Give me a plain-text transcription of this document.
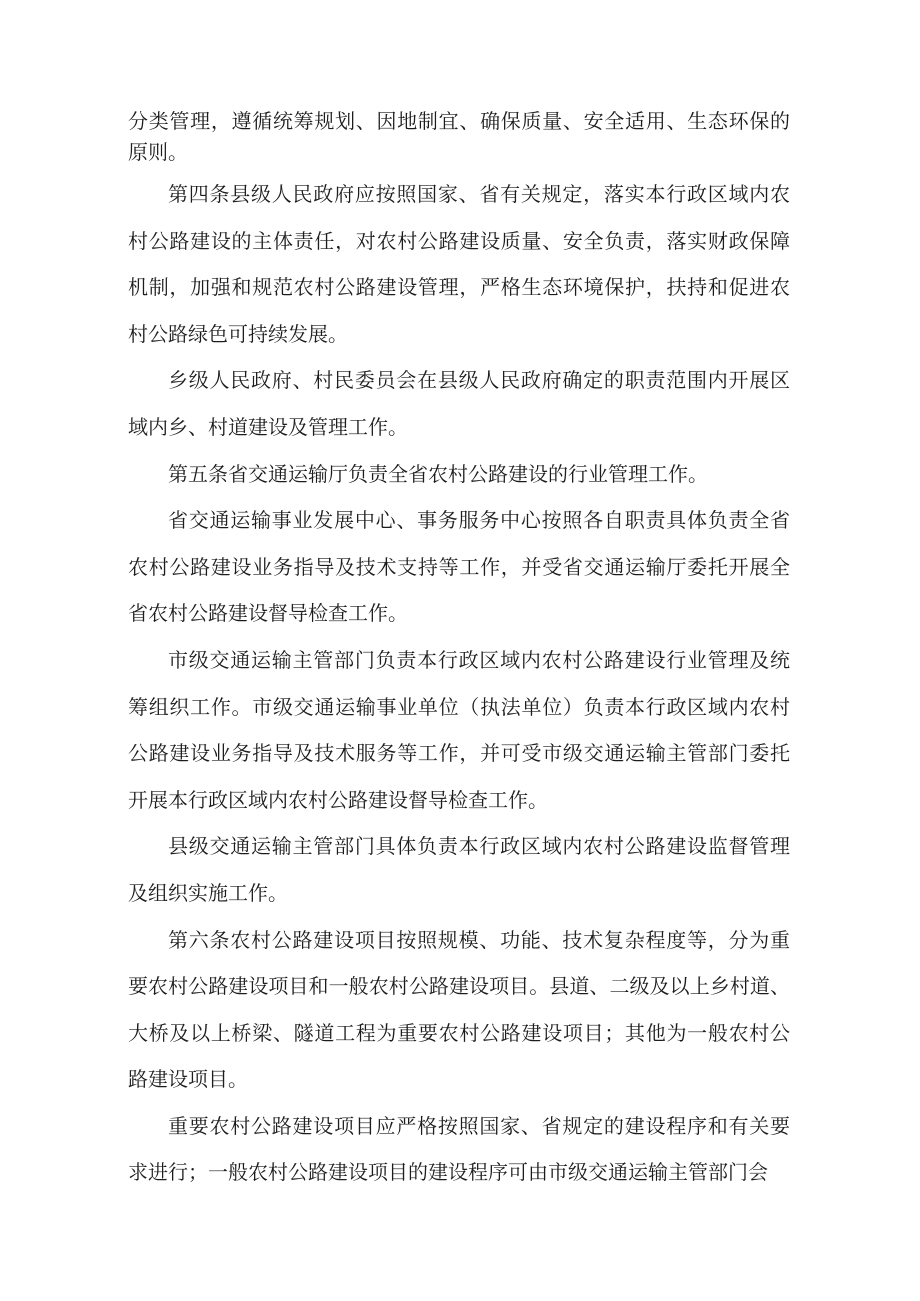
分类管理，遵循统筹规划、因地制宜、确保质量、安全适用、生态环保的
原则。

第四条县级人民政府应按照国家、省有关规定，落实本行政区域内农
村公路建设的主体责任，对农村公路建设质量、安全负责，落实财政保障
机制，加强和规范农村公路建设管理，严格生态环境保护，扶持和促进农
村公路绿色可持续发展。

乡级人民政府、村民委员会在县级人民政府确定的职责范围内开展区
域内乡、村道建设及管理工作。

第五条省交通运输厅负责全省农村公路建设的行业管理工作。

省交通运输事业发展中心、事务服务中心按照各自职责具体负责全省
农村公路建设业务指导及技术支持等工作，并受省交通运输厅委托开展全
省农村公路建设督导检查工作。

市级交通运输主管部门负责本行政区域内农村公路建设行业管理及统
筹组织工作。市级交通运输事业单位（执法单位）负责本行政区域内农村
公路建设业务指导及技术服务等工作，并可受市级交通运输主管部门委托
开展本行政区域内农村公路建设督导检查工作。

县级交通运输主管部门具体负责本行政区域内农村公路建设监督管理
及组织实施工作。

第六条农村公路建设项目按照规模、功能、技术复杂程度等，分为重
要农村公路建设项目和一般农村公路建设项目。县道、二级及以上乡村道、
大桥及以上桥梁、隧道工程为重要农村公路建设项目；其他为一般农村公
路建设项目。

重要农村公路建设项目应严格按照国家、省规定的建设程序和有关要
求进行；一般农村公路建设项目的建设程序可由市级交通运输主管部门会
